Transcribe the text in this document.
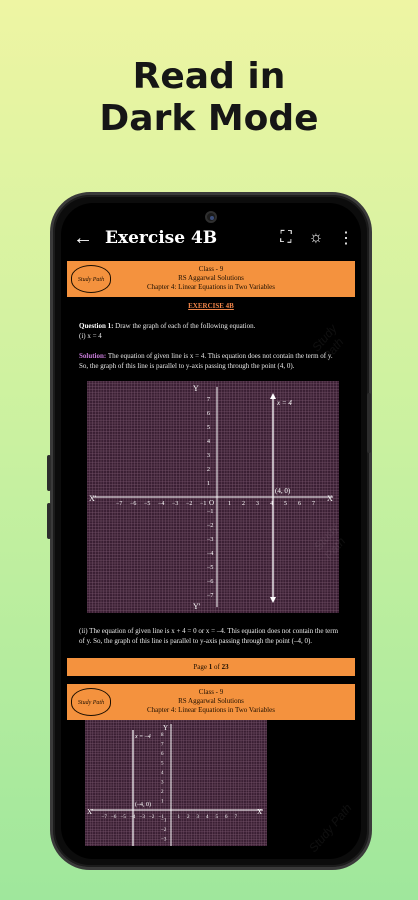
Read in
Dark Mode
← Exercise 4B	⛶	☼ ⋮
Study Path
Class - 9
RS Aggarwal Solutions
Chapter 4: Linear Equations in Two Variables
EXERCISE 4B
Question 1: Draw the graph of each of the following equation.
(i) x = 4
Solution: The equation of given line is x = 4. This equation does not contain the term of y. So, the graph of this line is parallel to y-axis passing through the point (4, 0).
x = 4
(4, 0)
X
X'
Y
Y'
O
−7 −6 −5 −4 −3 −2 −1	1 2 3 4 5 6 7
7
6
5
4
3
2
1
−1
−2
−3
−4
−5
−6
−7
(ii) The equation of given line is x + 4 = 0 or x = –4. This equation does not contain the term of y. So, the graph of this line is parallel to y-axis passing through the point (–4, 0).
Page 1 of 23
Study Path
Class - 9
RS Aggarwal Solutions
Chapter 4: Linear Equations in Two Variables
x = –4
(–4, 0)
X
X'
Y
−7 −6 −5 −4 −3 −2 −1	1 2 3 4 5 6 7
8
7
6
5
4
3
2
1
−1
−2
−3
Study Path
Study Path
Study Path
